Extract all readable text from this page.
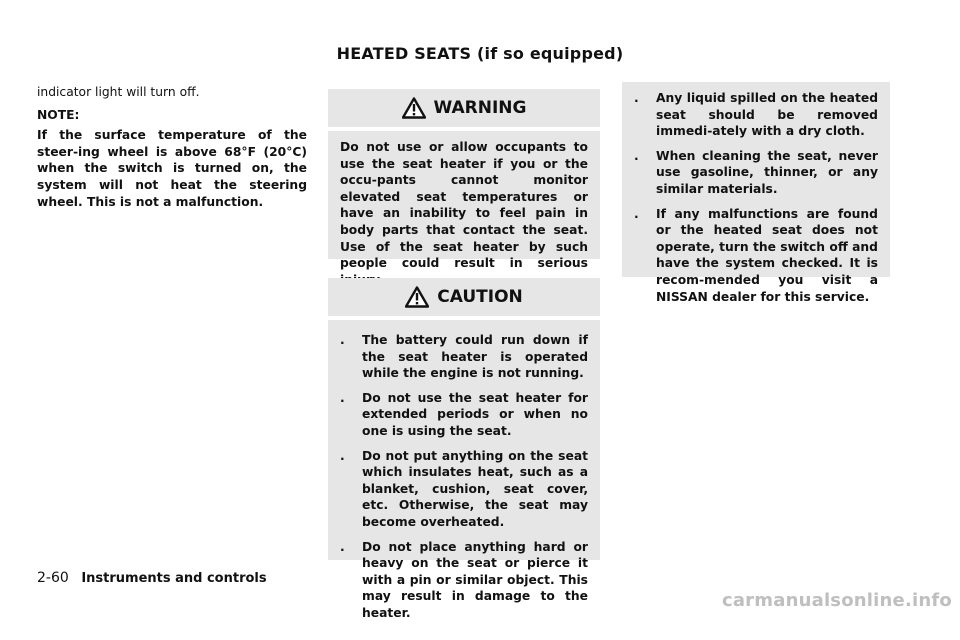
HEATED SEATS (if so equipped)

indicator light will turn off.

NOTE:

If the surface temperature of the steer-ing wheel is above 68°F (20°C) when the switch is turned on, the system will not heat the steering wheel. This is not a malfunction.

WARNING

Do not use or allow occupants to use the seat heater if you or the occu-pants cannot monitor elevated seat temperatures or have an inability to feel pain in body parts that contact the seat. Use of the seat heater by such people could result in serious

CAUTION
.	The battery could run down if the seat heater is operated while the engine is not running.
.	Do not use the seat heater for extended periods or when no one is using the seat.
.	Do not put anything on the seat which insulates heat, such as a blanket, cushion, seat cover, etc. Otherwise, the seat may become overheated.
.	Do not place anything hard or heavy on the seat or pierce it with a pin or similar object. This may result in damage to the heater.
.	Any liquid spilled on the heated seat should be removed immedi-ately with a dry cloth.
.	When cleaning the seat, never use gasoline, thinner, or any similar materials.
.	If any malfunctions are found or the heated seat does not operate, turn the switch off and have the system checked. It is recom-mended you visit a NISSAN dealer for this service.
2-60 Instruments and controls
carmanualsonline.info
